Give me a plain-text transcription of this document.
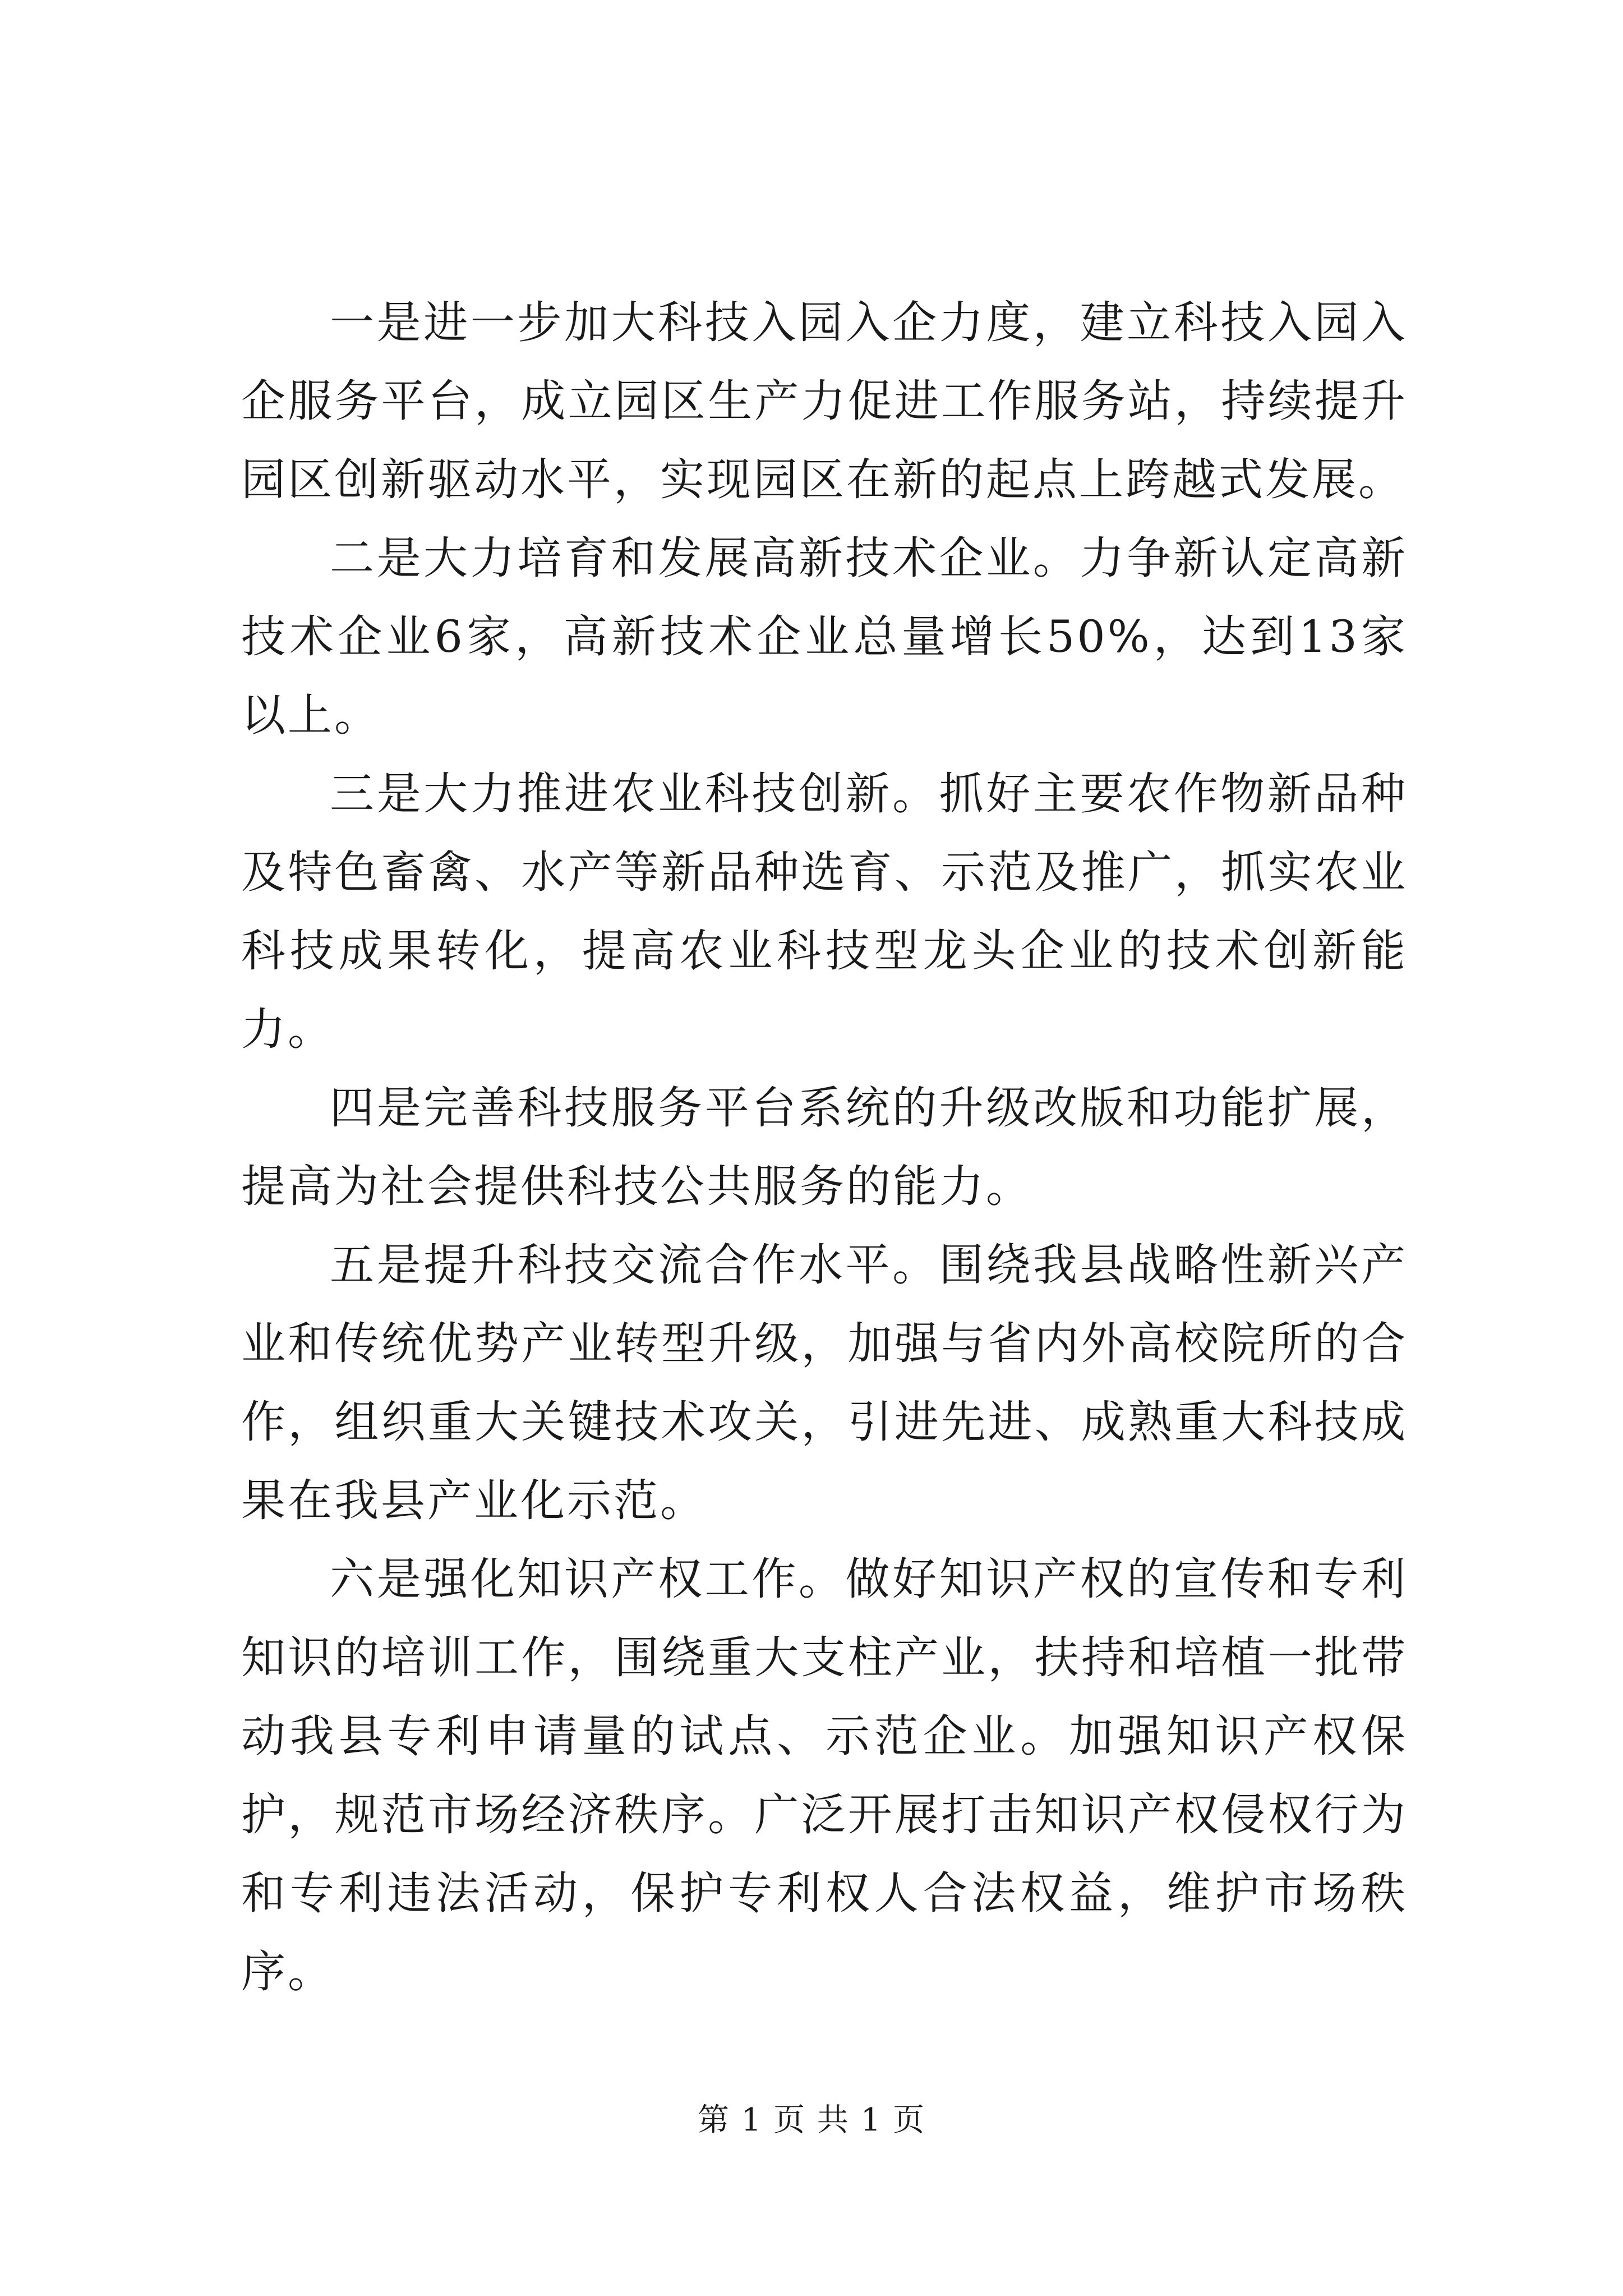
一是进一步加大科技入园入企力度，建立科技入园入企服务平台，成立园区生产力促进工作服务站，持续提升园区创新驱动水平，实现园区在新的起点上跨越式发展。

二是大力培育和发展高新技术企业。力争新认定高新技术企业6家，高新技术企业总量增长50%，达到13家以上。

三是大力推进农业科技创新。抓好主要农作物新品种及特色畜禽、水产等新品种选育、示范及推广，抓实农业科技成果转化，提高农业科技型龙头企业的技术创新能力。

四是完善科技服务平台系统的升级改版和功能扩展，提高为社会提供科技公共服务的能力。

五是提升科技交流合作水平。围绕我县战略性新兴产业和传统优势产业转型升级，加强与省内外高校院所的合作，组织重大关键技术攻关，引进先进、成熟重大科技成果在我县产业化示范。

六是强化知识产权工作。做好知识产权的宣传和专利知识的培训工作，围绕重大支柱产业，扶持和培植一批带动我县专利申请量的试点、示范企业。加强知识产权保护，规范市场经济秩序。广泛开展打击知识产权侵权行为和专利违法活动，保护专利权人合法权益，维护市场秩序。

第 1 页 共 1 页
